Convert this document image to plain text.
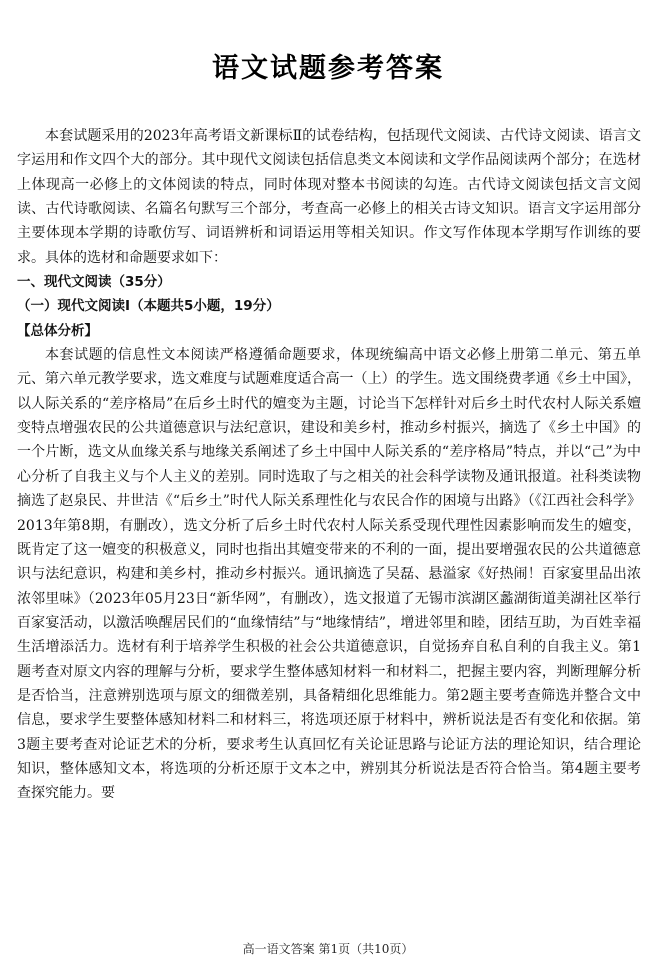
语文试题参考答案

本套试题采用的2023年高考语文新课标Ⅱ的试卷结构，包括现代文阅读、古代诗文阅读、语言文字运用和作文四个大的部分。其中现代文阅读包括信息类文本阅读和文学作品阅读两个部分；在选材上体现高一必修上的文体阅读的特点，同时体现对整本书阅读的勾连。古代诗文阅读包括文言文阅读、古代诗歌阅读、名篇名句默写三个部分，考查高一必修上的相关古诗文知识。语言文字运用部分主要体现本学期的诗歌仿写、词语辨析和词语运用等相关知识。作文写作体现本学期写作训练的要求。具体的选材和命题要求如下：

一、现代文阅读（35分）

（一）现代文阅读Ⅰ（本题共5小题，19分）

【总体分析】

本套试题的信息性文本阅读严格遵循命题要求，体现统编高中语文必修上册第二单元、第五单元、第六单元教学要求，选文难度与试题难度适合高一（上）的学生。选文围绕费孝通《乡土中国》，以人际关系的“差序格局”在后乡土时代的嬗变为主题，讨论当下怎样针对后乡土时代农村人际关系嬗变特点增强农民的公共道德意识与法纪意识，建设和美乡村，推动乡村振兴，摘选了《乡土中国》的一个片断，选文从血缘关系与地缘关系阐述了乡土中国中人际关系的“差序格局”特点，并以“己”为中心分析了自我主义与个人主义的差别。同时选取了与之相关的社会科学读物及通讯报道。社科类读物摘选了赵泉民、井世洁《“后乡土”时代人际关系理性化与农民合作的困境与出路》（《江西社会科学》2013年第8期，有删改），选文分析了后乡土时代农村人际关系受现代理性因素影响而发生的嬗变，既肯定了这一嬗变的积极意义，同时也指出其嬗变带来的不利的一面，提出要增强农民的公共道德意识与法纪意识，构建和美乡村，推动乡村振兴。通讯摘选了吴磊、悬溢家《好热闹！百家宴里品出浓浓邻里味》（2023年05月23日“新华网”，有删改），选文报道了无锡市滨湖区蠡湖街道美湖社区举行百家宴活动，以激活唤醒居民们的“血缘情结”与“地缘情结”，增进邻里和睦，团结互助，为百姓幸福生活增添活力。选材有利于培养学生积极的社会公共道德意识，自觉扬弃自私自利的自我主义。第1题考查对原文内容的理解与分析，要求学生整体感知材料一和材料二，把握主要内容，判断理解分析是否恰当，注意辨别选项与原文的细微差别，具备精细化思维能力。第2题主要考查筛选并整合文中信息，要求学生要整体感知材料二和材料三，将选项还原于材料中，辨析说法是否有变化和依据。第3题主要考查对论证艺术的分析，要求考生认真回忆有关论证思路与论证方法的理论知识，结合理论知识，整体感知文本，将选项的分析还原于文本之中，辨别其分析说法是否符合恰当。第4题主要考查探究能力。要

高一语文答案 第1页（共10页）
